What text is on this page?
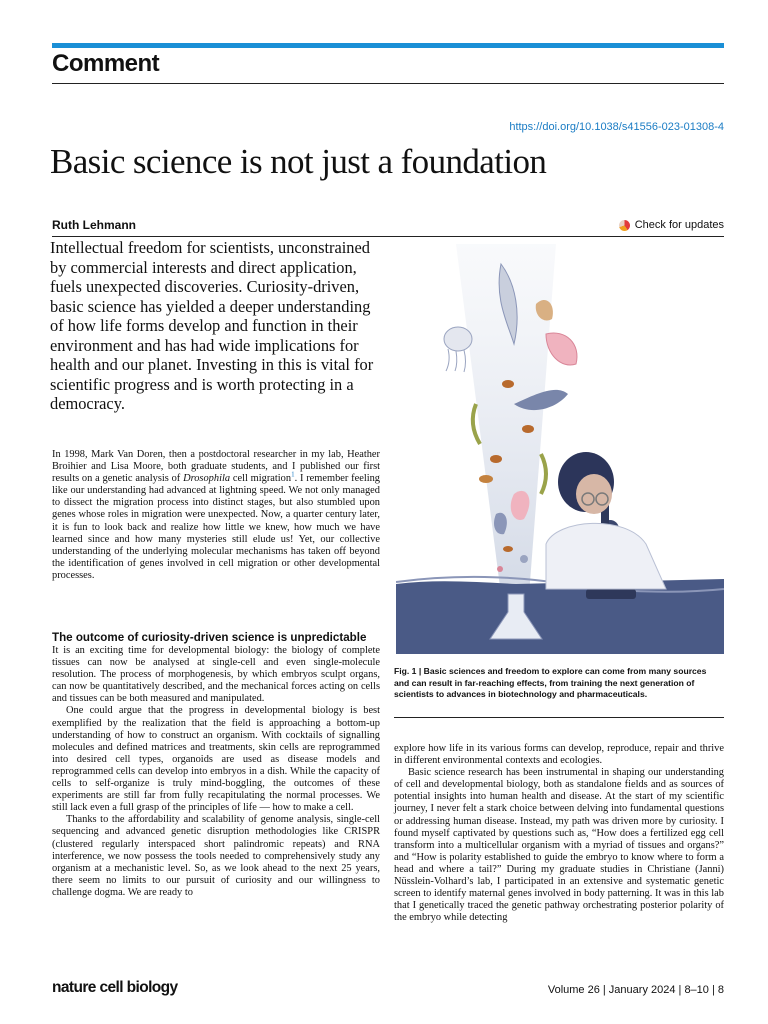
Comment
https://doi.org/10.1038/s41556-023-01308-4
Basic science is not just a foundation
Ruth Lehmann	Check for updates
Intellectual freedom for scientists, unconstrained by commercial interests and direct application, fuels unexpected discoveries. Curiosity-driven, basic science has yielded a deeper understanding of how life forms develop and function in their environment and has had wide implications for health and our planet. Investing in this is vital for scientific progress and is worth protecting in a democracy.

In 1998, Mark Van Doren, then a postdoctoral researcher in my lab, Heather Broihier and Lisa Moore, both graduate students, and I published our first results on a genetic analysis of Drosophila cell migration$^1$. I remember feeling like our understanding had advanced at lightning speed. We not only managed to dissect the migration process into distinct stages, but also stumbled upon genes whose roles in migration were unexpected. Now, a quarter century later, it is fun to look back and realize how little we knew, how much we have learned since and how many mysteries still elude us! Yet, our collective understanding of the underlying molecular mechanisms has taken off beyond the identification of genes involved in cell migration or other developmental processes.

The outcome of curiosity-driven science is unpredictable

It is an exciting time for developmental biology: the biology of complete tissues can now be analysed at single-cell and even single-molecule resolution. The process of morphogenesis, by which embryos sculpt organs, can now be quantitatively described, and the mechanical forces acting on cells and tissues can be both measured and manipulated.

One could argue that the progress in developmental biology is best exemplified by the realization that the field is approaching a bottom-up understanding of how to construct an organism. With cocktails of signalling molecules and defined matrices and treatments, skin cells are reprogrammed into desired cell types, organoids are used as disease models and reprogrammed cells can develop into embryos in a dish. While the capacity of cells to self-organize is truly mind-boggling, the outcomes of these experiments are still far from fully recapitulating the normal processes. We still lack even a full grasp of the principles of life — how to make a cell.

Thanks to the affordability and scalability of genome analysis, single-cell sequencing and advanced genetic disruption methodologies like CRISPR (clustered regularly interspaced short palindromic repeats) and RNA interference, we now possess the tools needed to comprehensively study any organism at a mechanistic level. So, as we look ahead to the next 25 years, there seem no limits to our pursuit of curiosity and our willingness to challenge dogma. We are ready to

Fig. 1 | Basic sciences and freedom to explore can come from many sources and can result in far-reaching effects, from training the next generation of scientists to advances in biotechnology and pharmaceuticals.

explore how life in its various forms can develop, reproduce, repair and thrive in different environmental contexts and ecologies.

Basic science research has been instrumental in shaping our understanding of cell and developmental biology, both as standalone fields and as sources of potential insights into human health and disease. At the start of my scientific journey, I never felt a stark choice between delving into fundamental questions or addressing human disease. Instead, my path was driven more by curiosity. I found myself captivated by questions such as, “How does a fertilized egg cell transform into a multicellular organism with a myriad of tissues and organs?” and “How is polarity established to guide the embryo to know where to form a head and where a tail?” During my graduate studies in Christiane (Janni) Nüsslein-Volhard’s lab, I participated in an extensive and systematic genetic screen to identify maternal genes involved in body patterning. It was in this lab that I genetically traced the genetic pathway orchestrating posterior polarity of the embryo while detecting

nature cell biology	Volume 26 | January 2024 | 8–10 | 8
